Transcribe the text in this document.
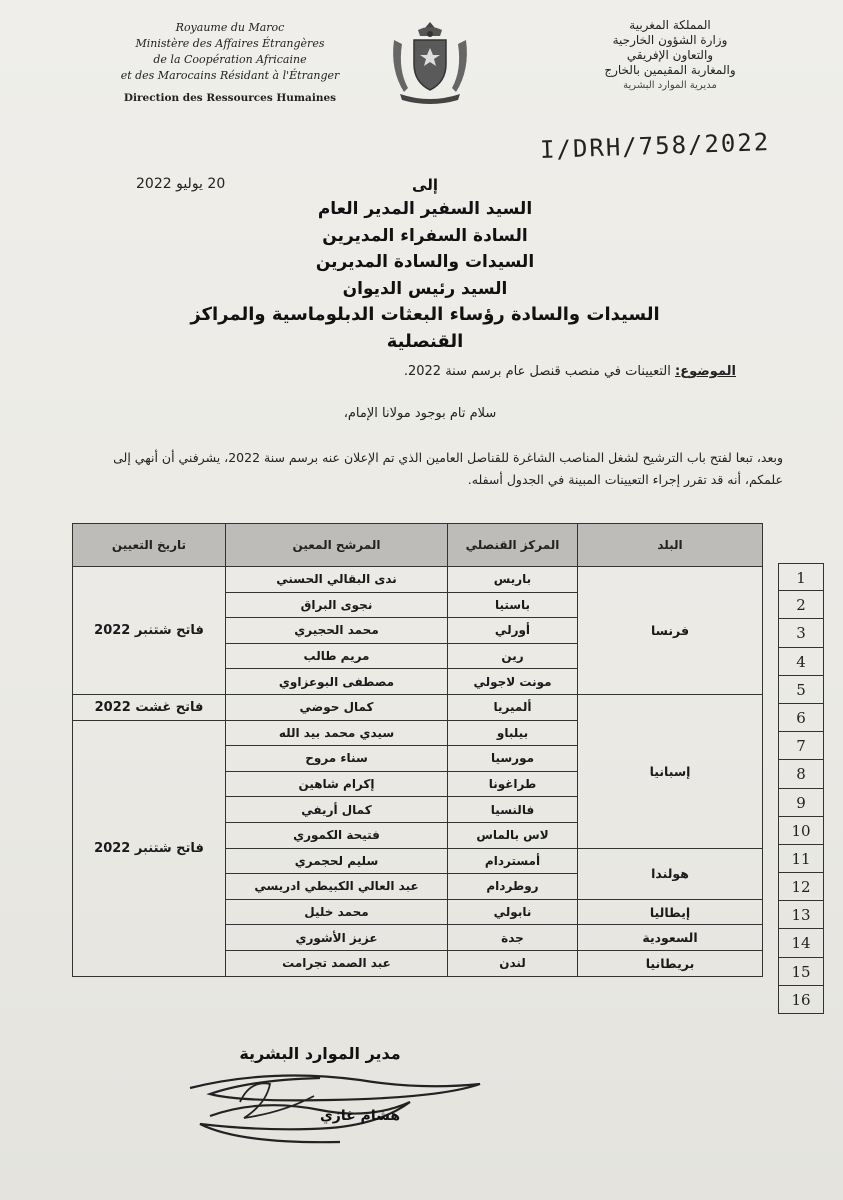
Royaume du Maroc
Ministère des Affaires Étrangères
de la Coopération Africaine
et des Marocains Résidant à l'Étranger
Direction des Ressources Humaines
المملكة المغربية
وزارة الشؤون الخارجية
والتعاون الإفريقي
والمغاربة المقيمين بالخارج
مديرية الموارد البشرية
I/DRH/758/2022
20 يوليو 2022	إلى
السيد السفير المدير العام
السادة السفراء المديرين
السيدات والسادة المديرين
السيد رئيس الديوان
السيدات والسادة رؤساء البعثات الدبلوماسية والمراكز القنصلية
الموضوع: التعيينات في منصب قنصل عام برسم سنة 2022.
سلام تام بوجود مولانا الإمام،
وبعد، تبعا لفتح باب الترشيح لشغل المناصب الشاغرة للقناصل العامين الذي تم الإعلان عنه برسم سنة 2022، يشرفني أن أنهي إلى علمكم، أنه قد تقرر إجراء التعيينات المبينة في الجدول أسفله.
البلد	المركز القنصلي	المرشح المعين	تاريخ التعيين
فرنسا	باريس	ندى البقالي الحسني	فاتح شتنبر 2022
	باستيا	نجوى البراق	
	أورلي	محمد الحجيري	
	رين	مريم طالب	
	مونت لاجولي	مصطفى البوعزاوي	
إسبانيا	ألميريا	كمال حوضي	فاتح غشت 2022
	بيلباو	سيدي محمد بيد الله	فاتح شتنبر 2022
	مورسيا	سناء مروح	
	طراغونا	إكرام شاهين	
	فالنسيا	كمال أريفي	
	لاس بالماس	فتيحة الكموري	
هولندا	أمستردام	سليم لحجمري	
	روطردام	عبد العالي الكبيطي ادريسي	
إيطاليا	نابولي	محمد خليل	
السعودية	جدة	عزيز الأشوري	
بريطانيا	لندن	عبد الصمد تجرامت	
1
2
3
4
5
6
7
8
9
10
11
12
13
14
15
16
مدير الموارد البشرية
هشام غازي
